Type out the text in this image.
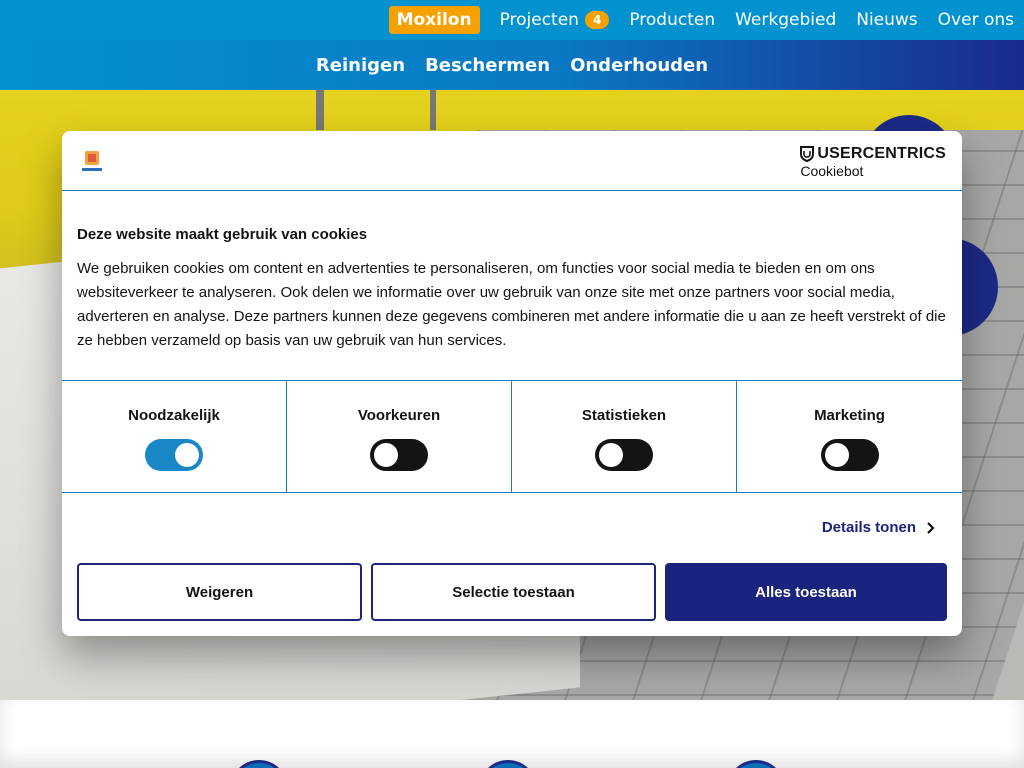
Moxilon Projecten	4	Producten Werkgebied Nieuws Over ons
Reinigen Beschermen Onderhouden
USERCENTRICS
Cookiebot
Deze website maakt gebruik van cookies
We gebruiken cookies om content en advertenties te personaliseren, om functies voor social media te bieden en om ons websiteverkeer te analyseren. Ook delen we informatie over uw gebruik van onze site met onze partners voor social media, adverteren en analyse. Deze partners kunnen deze gegevens combineren met andere informatie die u aan ze heeft verstrekt of die ze hebben verzameld op basis van uw gebruik van hun services.
Noodzakelijk	Voorkeuren	Statistieken	Marketing
Details tonen
Weigeren	Selectie toestaan	Alles toestaan
